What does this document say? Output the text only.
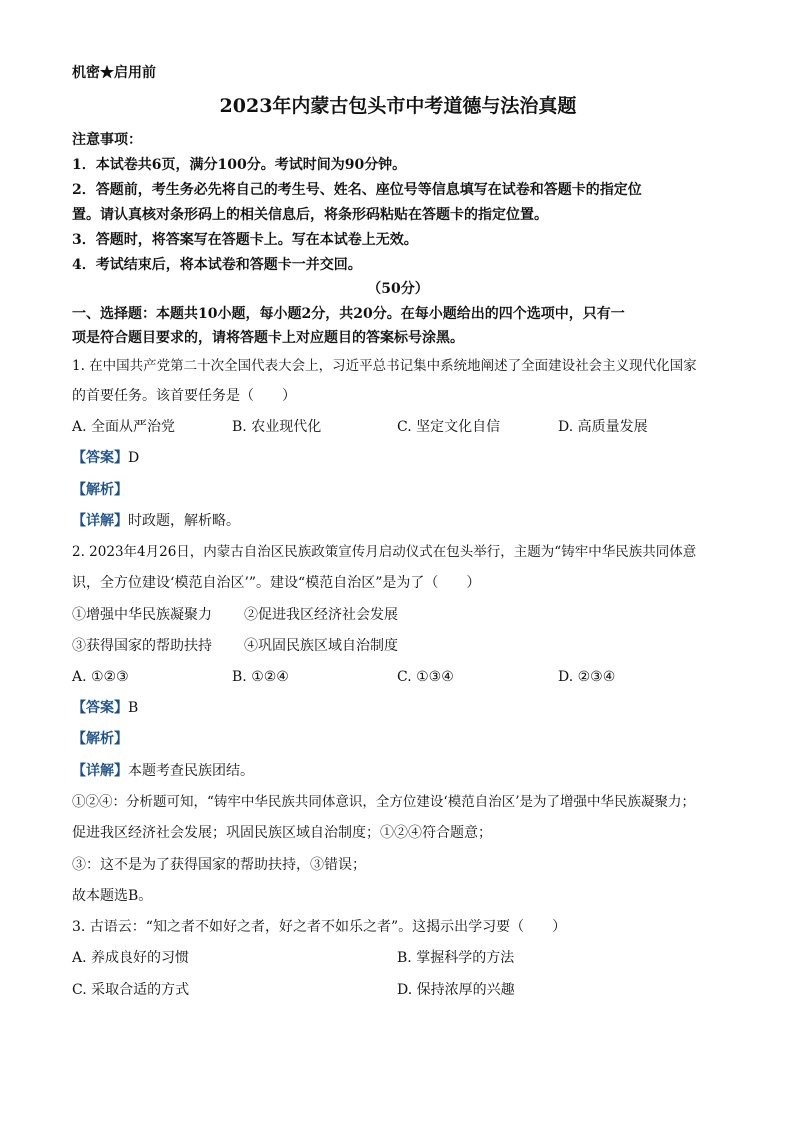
机密★启用前
2023年内蒙古包头市中考道德与法治真题
注意事项：
1．本试卷共6页，满分100分。考试时间为90分钟。
2．答题前，考生务必先将自己的考生号、姓名、座位号等信息填写在试卷和答题卡的指定位
置。请认真核对条形码上的相关信息后，将条形码粘贴在答题卡的指定位置。
3．答题时，将答案写在答题卡上。写在本试卷上无效。
4．考试结束后，将本试卷和答题卡一并交回。
（50分）
一、选择题：本题共10小题，每小题2分，共20分。在每小题给出的四个选项中，只有一
项是符合题目要求的，请将答题卡上对应题目的答案标号涂黑。
1. 在中国共产党第二十次全国代表大会上，习近平总书记集中系统地阐述了全面建设社会主义现代化国家
的首要任务。该首要任务是（　　）
A. 全面从严治党	B. 农业现代化	C. 坚定文化自信	D. 高质量发展
【答案】D
【解析】
【详解】时政题，解析略。
2. 2023年4月26日，内蒙古自治区民族政策宣传月启动仪式在包头举行，主题为“铸牢中华民族共同体意
识，全方位建设‘模范自治区’”。建设“模范自治区”是为了（　　）
①增强中华民族凝聚力 ②促进我区经济社会发展
③获得国家的帮助扶持 ④巩固民族区域自治制度
A. ①②③	B. ①②④	C. ①③④	D. ②③④
【答案】B
【解析】
【详解】本题考查民族团结。
①②④：分析题可知，“铸牢中华民族共同体意识，全方位建设‘模范自治区’是为了增强中华民族凝聚力；
促进我区经济社会发展；巩固民族区域自治制度；①②④符合题意；
③：这不是为了获得国家的帮助扶持，③错误；
故本题选B。
3. 古语云：“知之者不如好之者，好之者不如乐之者”。这揭示出学习要（　　）
A. 养成良好的习惯	B. 掌握科学的方法
C. 采取合适的方式	D. 保持浓厚的兴趣
